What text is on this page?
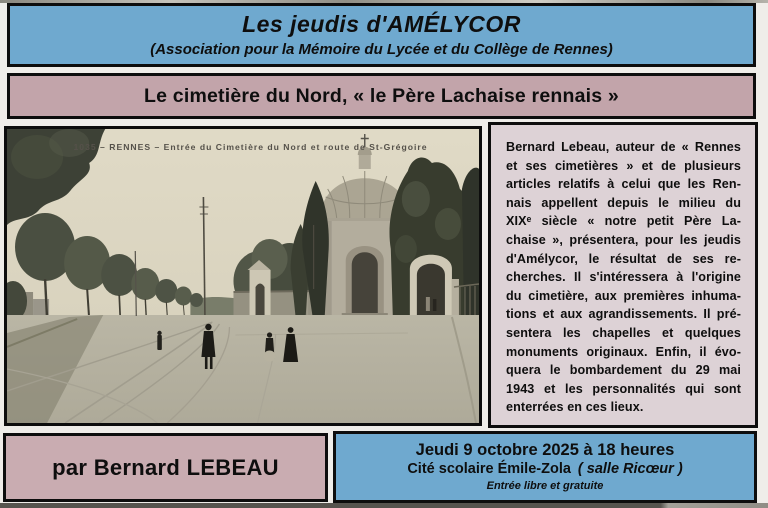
Les jeudis d'AMÉLYCOR
(Association pour la Mémoire du Lycée et du Collège de Rennes)
Le cimetière du Nord, « le Père Lachaise rennais »
1035 – RENNES – Entrée du Cimetière du Nord et route de St-Grégoire	Bernard Lebeau, auteur de « Rennes
et ses cimetières » et de plusieurs
articles relatifs à celui que les Ren-
nais appellent depuis le milieu du
XIXᵉ siècle « notre petit Père La-
chaise », présentera, pour les jeudis
d'Amélycor, le résultat de ses re-
cherches. Il s'intéressera à l'origine
du cimetière, aux premières inhuma-
tions et aux agrandissements. Il pré-
sentera les chapelles et quelques
monuments originaux. Enfin, il évo-
quera le bombardement du 29 mai
1943 et les personnalités qui sont
enterrées en ces lieux.
par Bernard LEBEAU
Jeudi 9 octobre 2025 à 18 heures
Cité scolaire Émile-Zola ( salle Ricœur )
Entrée libre et gratuite
